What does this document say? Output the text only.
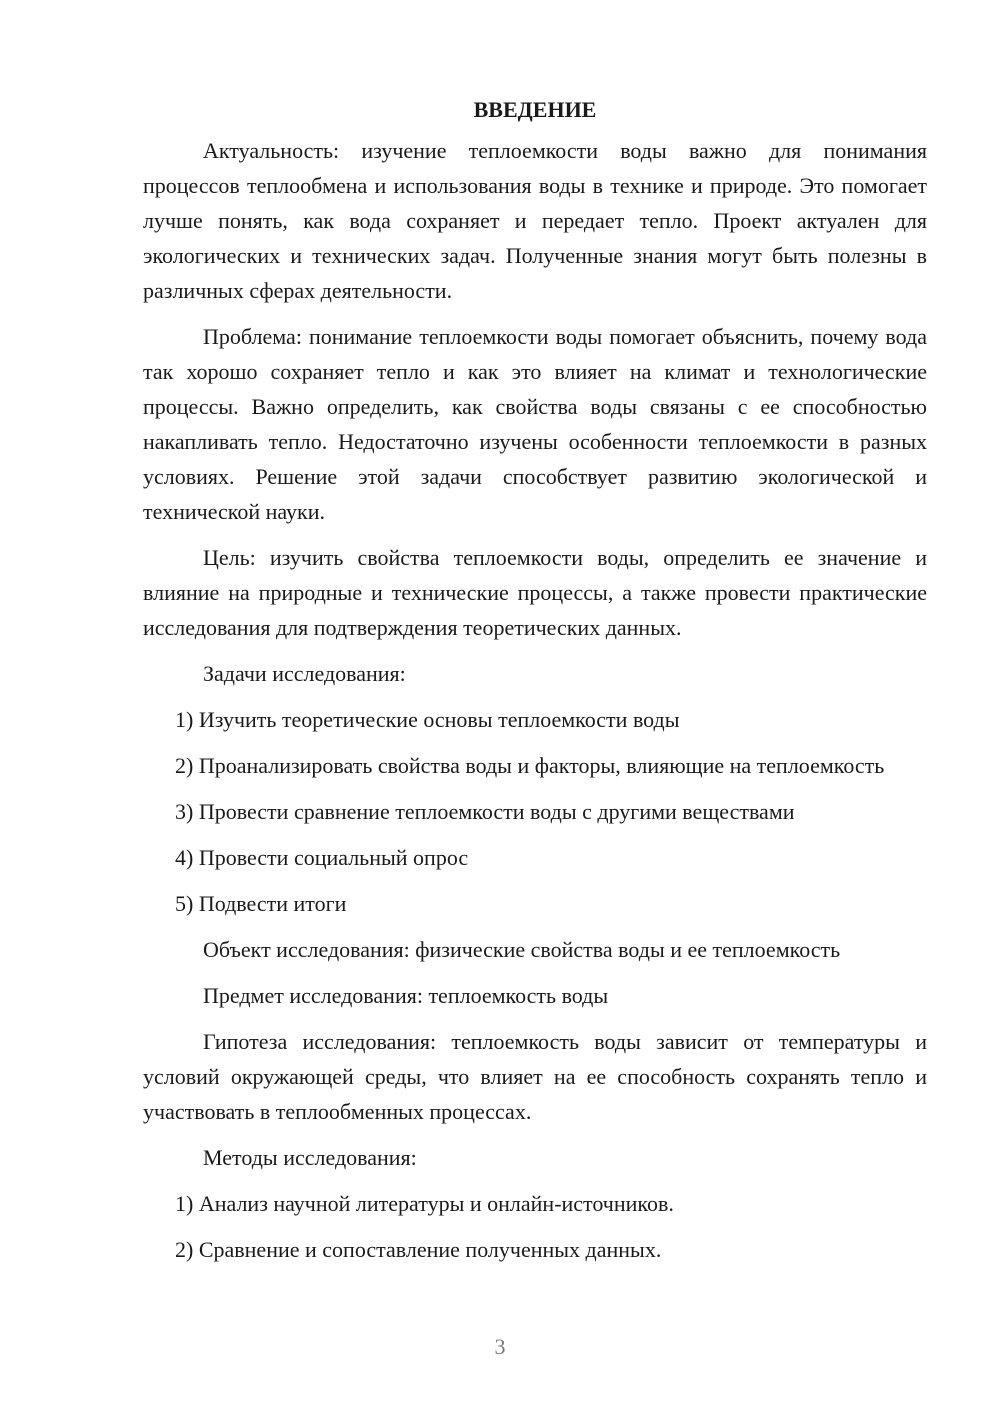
ВВЕДЕНИЕ

Актуальность: изучение теплоемкости воды важно для понимания процессов теплообмена и использования воды в технике и природе. Это помогает лучше понять, как вода сохраняет и передает тепло. Проект актуален для экологических и технических задач. Полученные знания могут быть полезны в различных сферах деятельности.

Проблема: понимание теплоемкости воды помогает объяснить, почему вода так хорошо сохраняет тепло и как это влияет на климат и технологические процессы. Важно определить, как свойства воды связаны с ее способностью накапливать тепло. Недостаточно изучены особенности теплоемкости в разных условиях. Решение этой задачи способствует развитию экологической и технической науки.

Цель: изучить свойства теплоемкости воды, определить ее значение и влияние на природные и технические процессы, а также провести практические исследования для подтверждения теоретических данных.

Задачи исследования:
1) Изучить теоретические основы теплоемкости воды
2) Проанализировать свойства воды и факторы, влияющие на теплоемкость
3) Провести сравнение теплоемкости воды с другими веществами
4) Провести социальный опрос
5) Подвести итоги
Объект исследования: физические свойства воды и ее теплоемкость
Предмет исследования: теплоемкость воды

Гипотеза исследования: теплоемкость воды зависит от температуры и условий окружающей среды, что влияет на ее способность сохранять тепло и участвовать в теплообменных процессах.

Методы исследования:
1) Анализ научной литературы и онлайн-источников.
2) Сравнение и сопоставление полученных данных.
3
